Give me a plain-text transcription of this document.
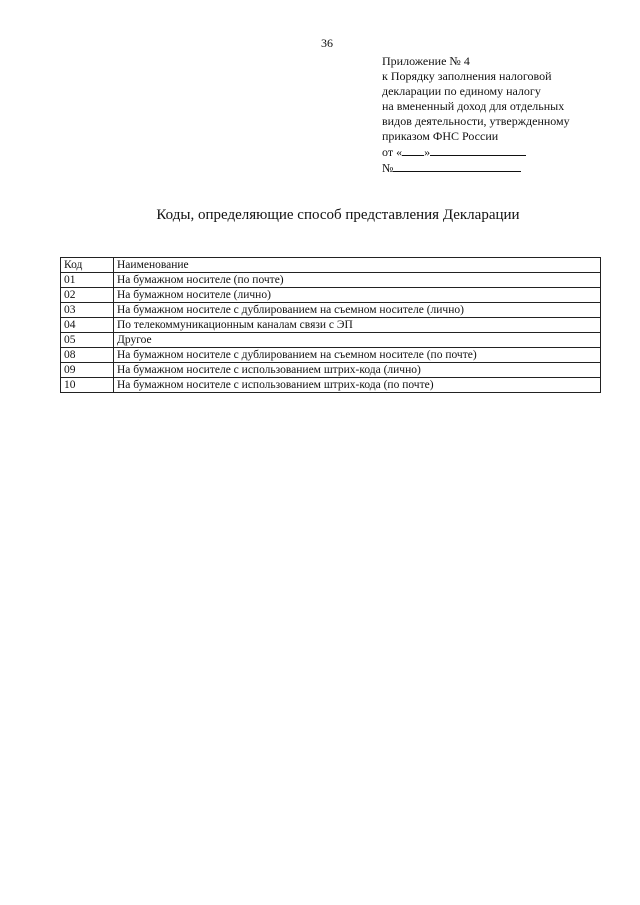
36
Приложение № 4
к Порядку заполнения налоговой
декларации по единому налогу
на вмененный доход для отдельных
видов деятельности, утвержденному
приказом ФНС России
от « »
№
Коды, определяющие способ представления Декларации
Код	Наименование
01	На бумажном носителе (по почте)
02	На бумажном носителе (лично)
03	На бумажном носителе с дублированием на съемном носителе (лично)
04	По телекоммуникационным каналам связи с ЭП
05	Другое
08	На бумажном носителе с дублированием на съемном носителе (по почте)
09	На бумажном носителе с использованием штрих-кода (лично)
10	На бумажном носителе с использованием штрих-кода (по почте)
